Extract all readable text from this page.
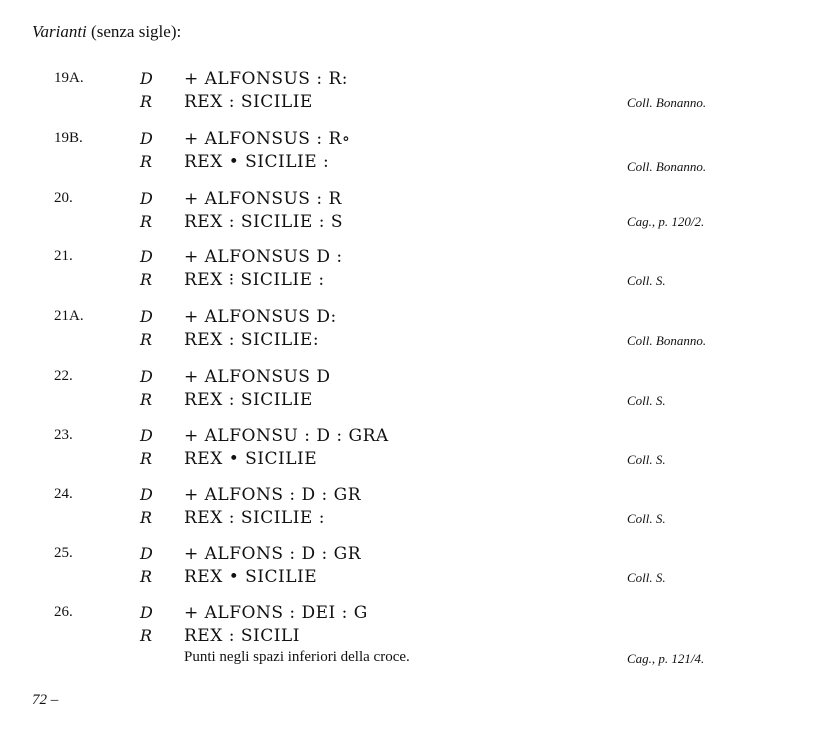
Varianti (senza sigle):
19A.	D	+ ALFONSUS : R:
R	REX : SICILIE	Coll. Bonanno.
19B.	D	+ ALFONSUS : R∘
R	REX • SICILIE :	Coll. Bonanno.
20.	D	+ ALFONSUS : R
R	REX : SICILIE : S	Cag., p. 120/2.
21.	D	+ ALFONSUS D :
R	REX ⁝ SICILIE :	Coll. S.
21A.	D	+ ALFONSUS D:
R	REX : SICILIE:	Coll. Bonanno.
22.	D	+ ALFONSUS D
R	REX : SICILIE	Coll. S.
23.	D	+ ALFONSU : D : GRA
R	REX • SICILIE	Coll. S.
24.	D	+ ALFONS : D : GR
R	REX : SICILIE :	Coll. S.
25.	D	+ ALFONS : D : GR
R	REX • SICILIE	Coll. S.
26.	D	+ ALFONS : DEI : G
R	REX : SICILI
Punti negli spazi inferiori della croce.	Cag., p. 121/4.
72 –
